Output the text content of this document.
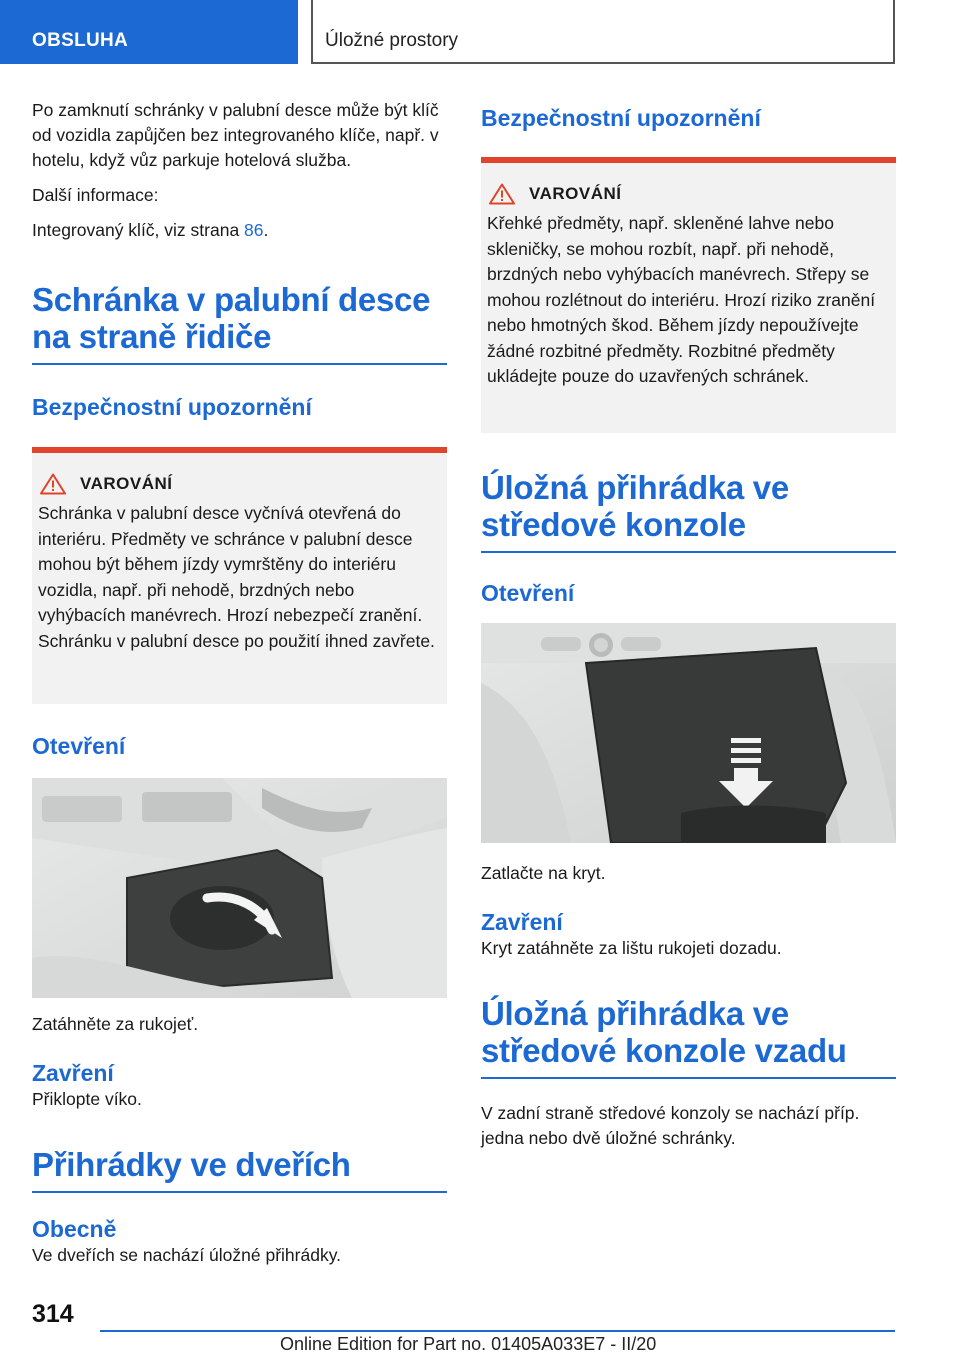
OBSLUHA	Úložné prostory

Po zamknutí schránky v palubní desce může být klíč od vozidla zapůjčen bez integrovaného klíče, např. v hotelu, když vůz parkuje hotelová služba.

Další informace:

Integrovaný klíč, viz strana 86.

Schránka v palubní desce na straně řidiče
Bezpečnostní upozornění
VAROVÁNÍ

Schránka v palubní desce vyčnívá otevřená do interiéru. Předměty ve schránce v palubní desce mohou být během jízdy vymrštěny do interiéru vozidla, např. při nehodě, brzdných nebo vyhýbacích manévrech. Hrozí nebezpečí zranění. Schránku v palubní desce po použití ihned zavřete.

Otevření

Zatáhněte za rukojeť.

Zavření

Přiklopte víko.

Přihrádky ve dveřích
Obecně

Ve dveřích se nachází úložné přihrádky.

Bezpečnostní upozornění
VAROVÁNÍ

Křehké předměty, např. skleněné lahve nebo skleničky, se mohou rozbít, např. při nehodě, brzdných nebo vyhýbacích manévrech. Střepy se mohou rozlétnout do interiéru. Hrozí riziko zranění nebo hmotných škod. Během jízdy nepoužívejte žádné rozbitné předměty. Rozbitné předměty ukládejte pouze do uzavřených schránek.

Úložná přihrádka ve středové konzole
Otevření

Zatlačte na kryt.

Zavření

Kryt zatáhněte za lištu rukojeti dozadu.

Úložná přihrádka ve středové konzole vzadu

V zadní straně středové konzoly se nachází příp. jedna nebo dvě úložné schránky.

314
Online Edition for Part no. 01405A033E7 - II/20
